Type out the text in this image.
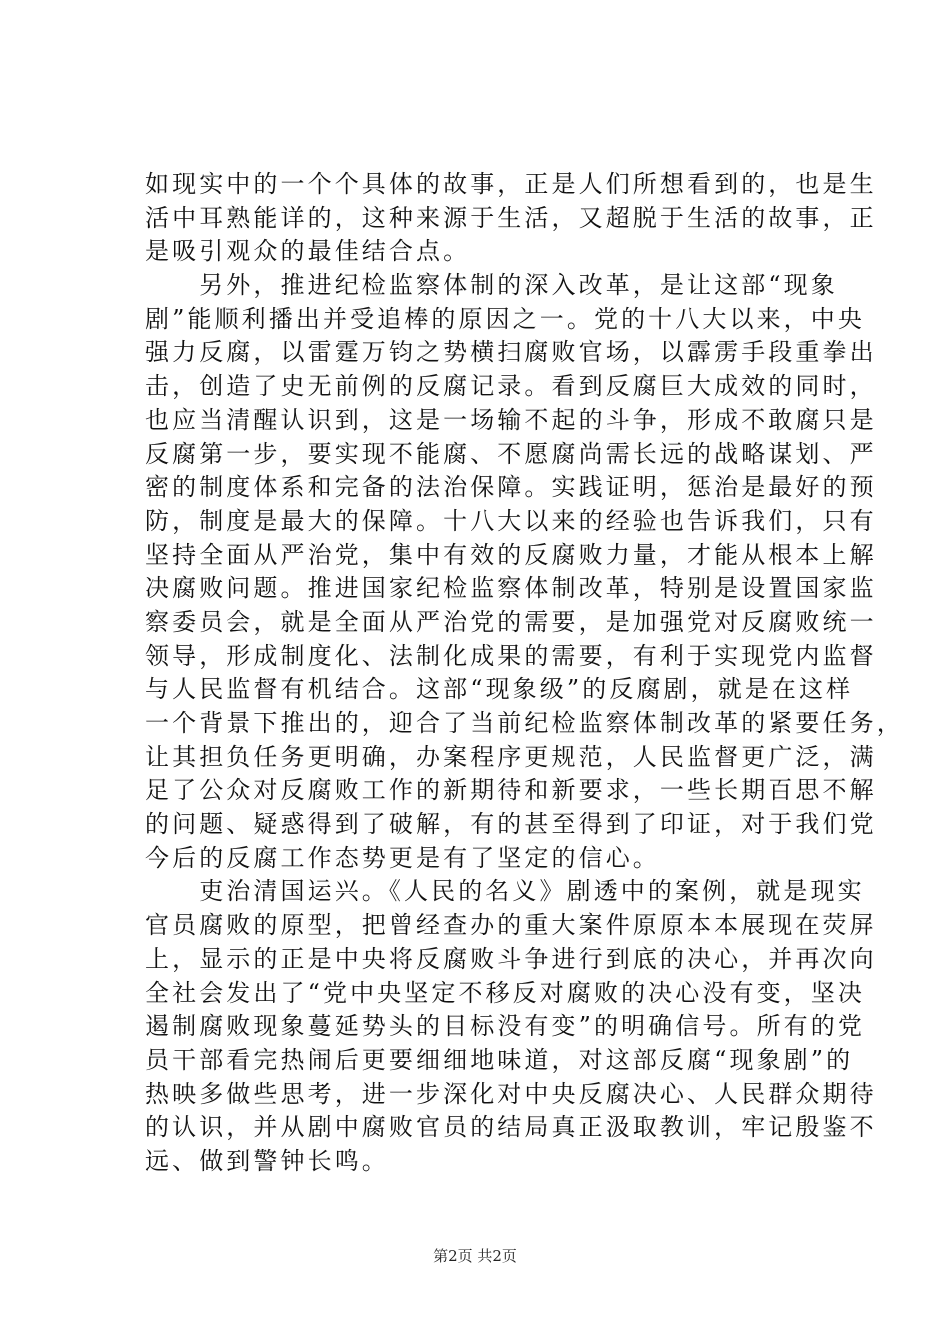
如现实中的一个个具体的故事，正是人们所想看到的，也是生
活中耳熟能详的，这种来源于生活，又超脱于生活的故事，正
是吸引观众的最佳结合点。
　　另外，推进纪检监察体制的深入改革，是让这部“现象
剧”能顺利播出并受追棒的原因之一。党的十八大以来，中央
强力反腐，以雷霆万钧之势横扫腐败官场，以霹雳手段重拳出
击，创造了史无前例的反腐记录。看到反腐巨大成效的同时，
也应当清醒认识到，这是一场输不起的斗争，形成不敢腐只是
反腐第一步，要实现不能腐、不愿腐尚需长远的战略谋划、严
密的制度体系和完备的法治保障。实践证明，惩治是最好的预
防，制度是最大的保障。十八大以来的经验也告诉我们，只有
坚持全面从严治党，集中有效的反腐败力量，才能从根本上解
决腐败问题。推进国家纪检监察体制改革，特别是设置国家监
察委员会，就是全面从严治党的需要，是加强党对反腐败统一
领导，形成制度化、法制化成果的需要，有利于实现党内监督
与人民监督有机结合。这部“现象级”的反腐剧，就是在这样
一个背景下推出的，迎合了当前纪检监察体制改革的紧要任务，
让其担负任务更明确，办案程序更规范，人民监督更广泛，满
足了公众对反腐败工作的新期待和新要求，一些长期百思不解
的问题、疑惑得到了破解，有的甚至得到了印证，对于我们党
今后的反腐工作态势更是有了坚定的信心。
　　吏治清国运兴。《人民的名义》剧透中的案例，就是现实
官员腐败的原型，把曾经查办的重大案件原原本本展现在荧屏
上，显示的正是中央将反腐败斗争进行到底的决心，并再次向
全社会发出了“党中央坚定不移反对腐败的决心没有变，坚决
遏制腐败现象蔓延势头的目标没有变”的明确信号。所有的党
员干部看完热闹后更要细细地味道，对这部反腐“现象剧”的
热映多做些思考，进一步深化对中央反腐决心、人民群众期待
的认识，并从剧中腐败官员的结局真正汲取教训，牢记殷鉴不
远、做到警钟长鸣。
第2页 共2页
